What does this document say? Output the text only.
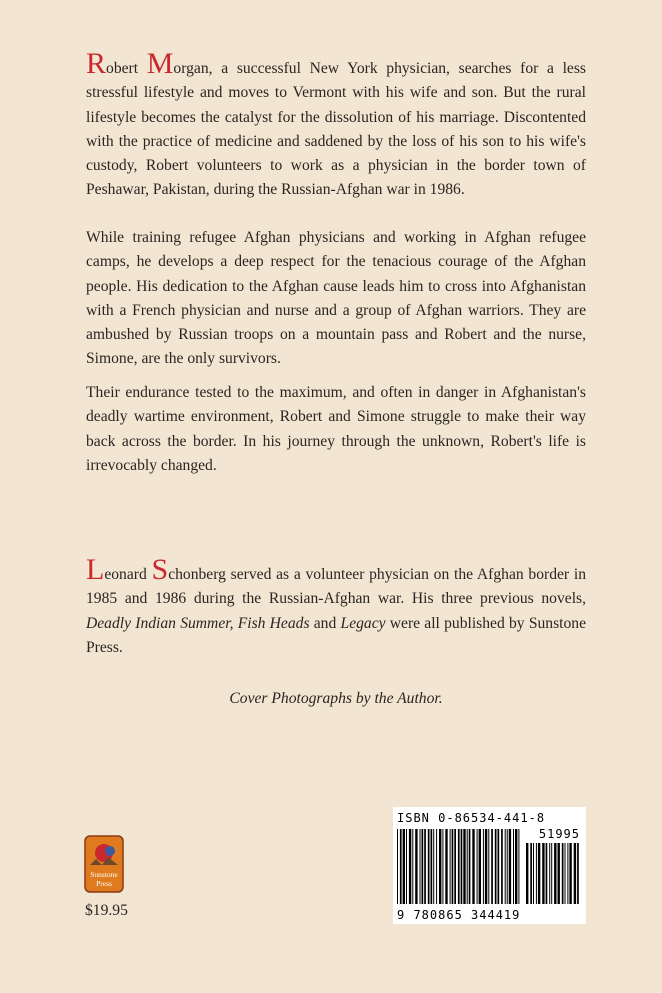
Robert Morgan, a successful New York physician, searches for a less stressful lifestyle and moves to Vermont with his wife and son. But the rural lifestyle becomes the catalyst for the dissolution of his marriage. Discontented with the practice of medicine and saddened by the loss of his son to his wife's custody, Robert volunteers to work as a physician in the border town of Peshawar, Pakistan, during the Russian-Afghan war in 1986.

While training refugee Afghan physicians and working in Afghan refugee camps, he develops a deep respect for the tenacious courage of the Afghan people. His dedication to the Afghan cause leads him to cross into Afghanistan with a French physician and nurse and a group of Afghan warriors. They are ambushed by Russian troops on a mountain pass and Robert and the nurse, Simone, are the only survivors.

Their endurance tested to the maximum, and often in danger in Afghanistan's deadly wartime environment, Robert and Simone struggle to make their way back across the border. In his journey through the unknown, Robert's life is irrevocably changed.

Leonard Schonberg served as a volunteer physician on the Afghan border in 1985 and 1986 during the Russian-Afghan war. His three previous novels, Deadly Indian Summer, Fish Heads and Legacy were all published by Sunstone Press.

Cover Photographs by the Author.

ISBN 0-86534-441-8
51995
9 780865 344419
Sunstone
Press

$19.95
